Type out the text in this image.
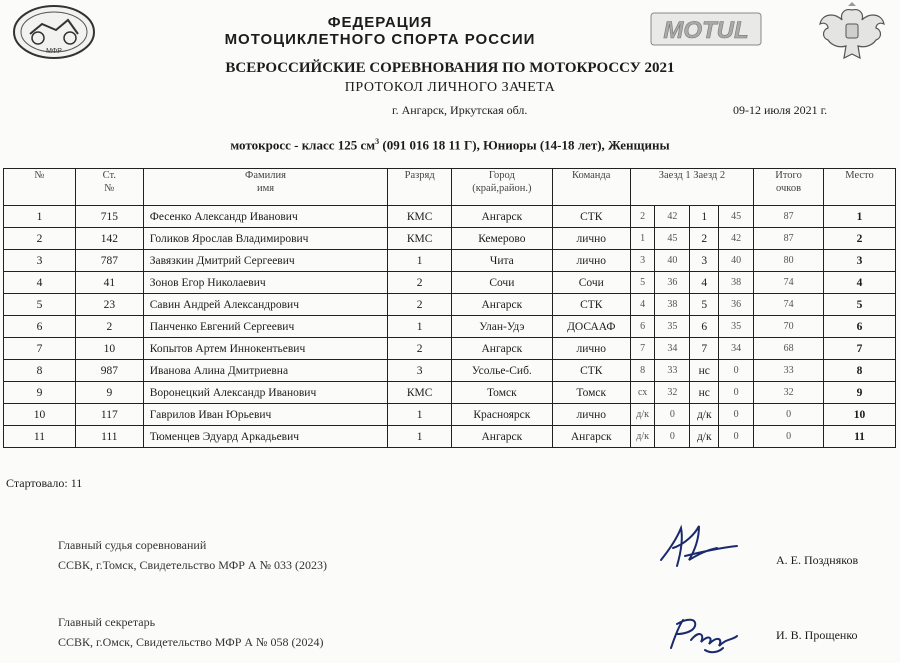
МФР
ФЕДЕРАЦИЯ
МОТОЦИКЛЕТНОГО СПОРТА РОССИИ	MOTUL
ВСЕРОССИЙСКИЕ СОРЕВНОВАНИЯ ПО МОТОКРОССУ 2021
ПРОТОКОЛ ЛИЧНОГО ЗАЧЕТА
г. Ангарск, Иркутская обл.	09-12 июля 2021 г.
мотокросс - класс 125 $см^3$ (091 016 18 11 Г), Юниоры (14-18 лет), Женщины
№	Ст.
№	Фамилия
имя	Разряд	Город
(край,район.)	Команда	Заезд 1 Заезд 2				Итого
очков	Место
1	715	Фесенко Александр Иванович	КМС	Ангарск	СТК	2	42	1	45	87	1
2	142	Голиков Ярослав Владимирович	КМС	Кемерово	лично	1	45	2	42	87	2
3	787	Завязкин Дмитрий Сергеевич	1	Чита	лично	3	40	3	40	80	3
4	41	Зонов Егор Николаевич	2	Сочи	Сочи	5	36	4	38	74	4
5	23	Савин Андрей Александрович	2	Ангарск	СТК	4	38	5	36	74	5
6	2	Панченко Евгений Сергеевич	1	Улан-Удэ	ДОСААФ	6	35	6	35	70	6
7	10	Копытов Артем Иннокентьевич	2	Ангарск	лично	7	34	7	34	68	7
8	987	Иванова Алина Дмитриевна	3	Усолье-Сиб.	СТК	8	33	нс	0	33	8
9	9	Воронецкий Александр Иванович	КМС	Томск	Томск	сх	32	нс	0	32	9
10	117	Гаврилов Иван Юрьевич	1	Красноярск	лично	д/к	0	д/к	0	0	10
11	111	Тюменцев Эдуард Аркадьевич	1	Ангарск	Ангарск	д/к	0	д/к	0	0	11
Стартовало: 11
Главный судья соревнований
ССВК, г.Томск, Свидетельство МФР А № 033 (2023)	А. Е. Поздняков
Главный секретарь
ССВК, г.Омск, Свидетельство МФР А № 058 (2024)	И. В. Прощенко
